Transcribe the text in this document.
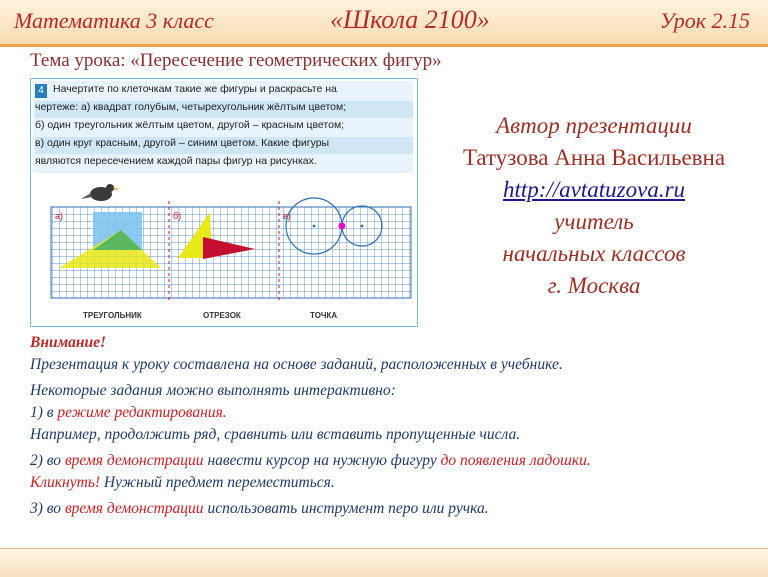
Математика 3 класс	«Школа 2100»	Урок 2.15
Тема урока: «Пересечение геометрических фигур»
4 Начертите по клеточкам такие же фигуры и раскрасьте на
чертеже: а) квадрат голубым, четырехугольник жёлтым цветом;
б) один треугольник жёлтым цветом, другой – красным цветом;
в) один круг красным, другой – синим цветом. Какие фигуры
являются пересечением каждой пары фигур на рисунках.
а)	б)	в)
ТРЕУГОЛЬНИК	ОТРЕЗОК	ТОЧКА
Автор презентации
Татузова Анна Васильевна
http://avtatuzova.ru
учитель
начальных классов
г. Москва
Внимание!
Презентация к уроку составлена на основе заданий, расположенных в учебнике.
Некоторые задания можно выполнять интерактивно:
1) в режиме редактирования.
Например, продолжить ряд, сравнить или вставить пропущенные числа.
2) во время демонстрации навести курсор на нужную фигуру до появления ладошки.
Кликнуть! Нужный предмет переместиться.
3) во время демонстрации использовать инструмент перо или ручка.
